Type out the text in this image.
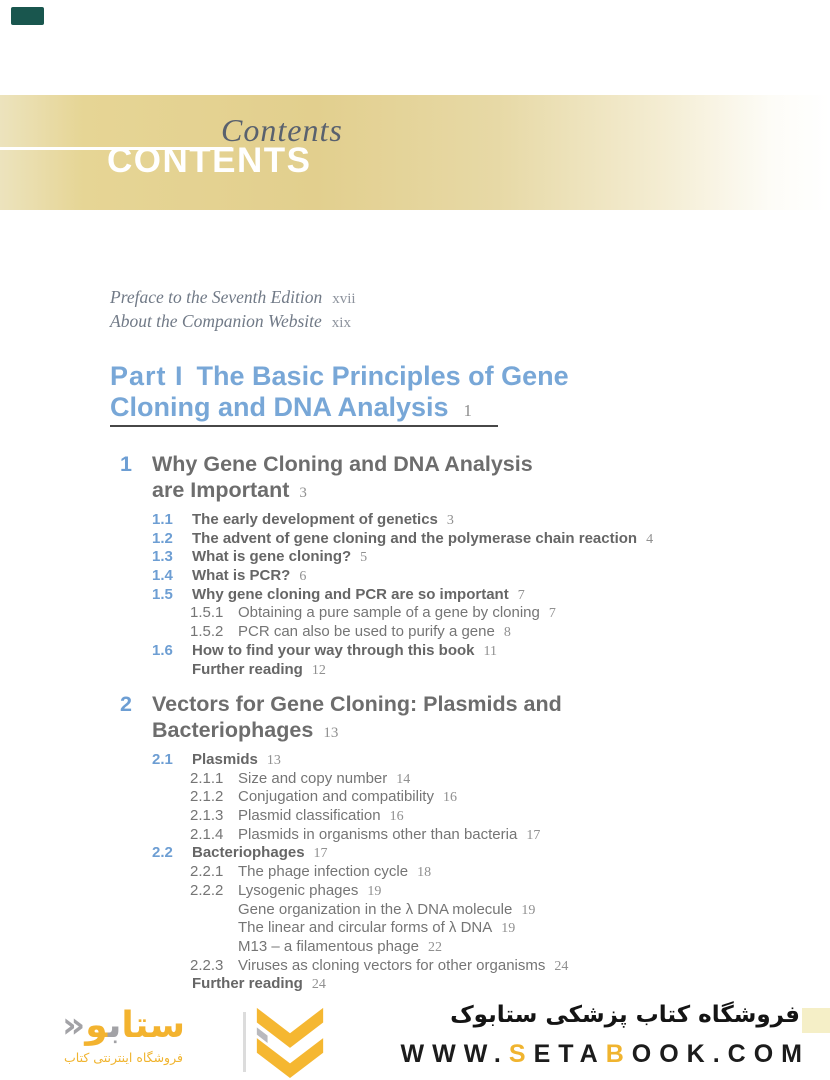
Contents
CONTENTS
Preface to the Seventh Edition xvii
About the Companion Website xix
Part I The Basic Principles of Gene
Cloning and DNA Analysis 1
1 Why Gene Cloning and DNA Analysis
are Important 3
1.1 The early development of genetics 3
1.2 The advent of gene cloning and the polymerase chain reaction 4
1.3 What is gene cloning? 5
1.4 What is PCR? 6
1.5 Why gene cloning and PCR are so important 7
1.5.1 Obtaining a pure sample of a gene by cloning 7
1.5.2 PCR can also be used to purify a gene 8
1.6 How to find your way through this book 11
Further reading 12
2 Vectors for Gene Cloning: Plasmids and
Bacteriophages 13
2.1 Plasmids 13
2.1.1 Size and copy number 14
2.1.2 Conjugation and compatibility 16
2.1.3 Plasmid classification 16
2.1.4 Plasmids in organisms other than bacteria 17
2.2 Bacteriophages 17
2.2.1 The phage infection cycle 18
2.2.2 Lysogenic phages 19
Gene organization in the λ DNA molecule 19
The linear and circular forms of λ DNA 19
M13 – a filamentous phage 22
2.2.3 Viruses as cloning vectors for other organisms 24
Further reading 24
ستابو«
فروشگاه اینترنتی کتاب
فروشگاه کتاب پزشکی ستابوک
WWW.SETABOOK.COM
